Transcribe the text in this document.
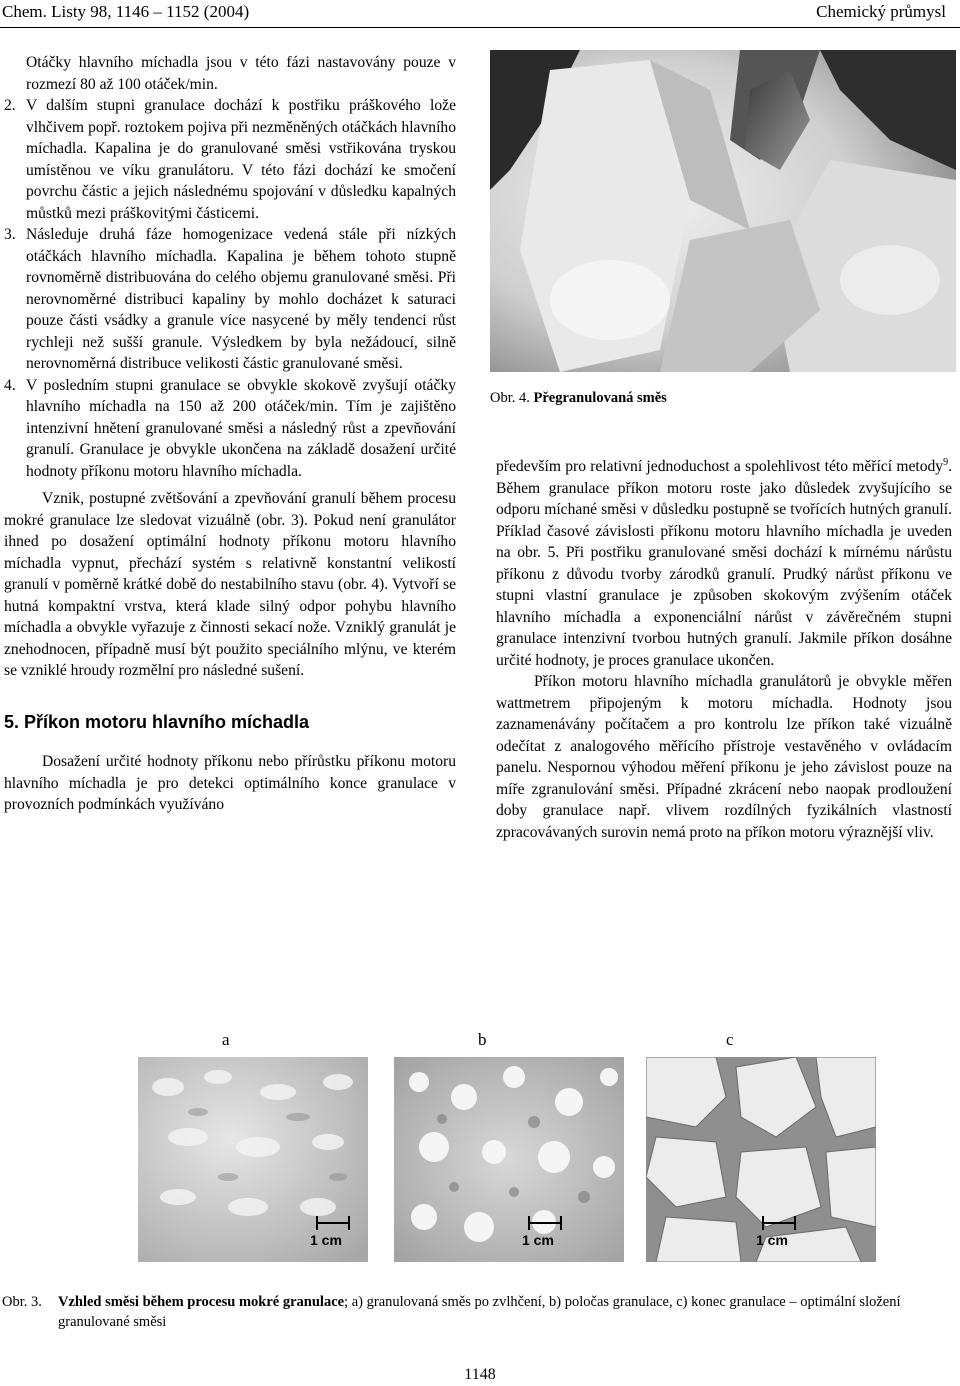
Chem. Listy 98, 1146 – 1152 (2004)	Chemický průmysl

Otáčky hlavního míchadla jsou v této fázi nastavovány pouze v rozmezí 80 až 100 otáček/min.

2. V dalším stupni granulace dochází k postřiku práškového lože vlhčivem popř. roztokem pojiva při nezměněných otáčkách hlavního míchadla. Kapalina je do granulované směsi vstřikována tryskou umístěnou ve víku granulátoru. V této fázi dochází ke smočení povrchu částic a jejich následnému spojování v důsledku kapalných můstků mezi práškovitými částicemi.
3. Následuje druhá fáze homogenizace vedená stále při nízkých otáčkách hlavního míchadla. Kapalina je během tohoto stupně rovnoměrně distribuována do celého objemu granulované směsi. Při nerovnoměrné distribuci kapaliny by mohlo docházet k saturaci pouze části vsádky a granule více nasycené by měly tendenci růst rychleji než sušší granule. Výsledkem by byla nežádoucí, silně nerovnoměrná distribuce velikosti částic granulované směsi.
4. V posledním stupni granulace se obvykle skokově zvyšují otáčky hlavního míchadla na 150 až 200 otáček/min. Tím je zajištěno intenzivní hnětení granulované směsi a následný růst a zpevňování granulí. Granulace je obvykle ukončena na základě dosažení určité hodnoty příkonu motoru hlavního míchadla.

Vznik, postupné zvětšování a zpevňování granulí během procesu mokré granulace lze sledovat vizuálně (obr. 3). Pokud není granulátor ihned po dosažení optimální hodnoty příkonu motoru hlavního míchadla vypnut, přechází systém s relativně konstantní velikostí granulí v poměrně krátké době do nestabilního stavu (obr. 4). Vytvoří se hutná kompaktní vrstva, která klade silný odpor pohybu hlavního míchadla a obvykle vyřazuje z činnosti sekací nože. Vzniklý granulát je znehodnocen, případně musí být použito speciálního mlýnu, ve kterém se vzniklé hroudy rozmělní pro následné sušení.

5. Příkon motoru hlavního míchadla

Dosažení určité hodnoty příkonu nebo přírůstku příkonu motoru hlavního míchadla je pro detekci optimálního konce granulace v provozních podmínkách využíváno

Obr. 4. Přegranulovaná směs

především pro relativní jednoduchost a spolehlivost této měřící metody$^9$. Během granulace příkon motoru roste jako důsledek zvyšujícího se odporu míchané směsi v důsledku postupně se tvořících hutných granulí. Příklad časové závislosti příkonu motoru hlavního míchadla je uveden na obr. 5. Při postřiku granulované směsi dochází k mírnému nárůstu příkonu z důvodu tvorby zárodků granulí. Prudký nárůst příkonu ve stupni vlastní granulace je způsoben skokovým zvýšením otáček hlavního míchadla a exponenciální nárůst v závěrečném stupni granulace intenzivní tvorbou hutných granulí. Jakmile příkon dosáhne určité hodnoty, je proces granulace ukončen.

Příkon motoru hlavního míchadla granulátorů je obvykle měřen wattmetrem připojeným k motoru míchadla. Hodnoty jsou zaznamenávány počítačem a pro kontrolu lze příkon také vizuálně odečítat z analogového měřícího přístroje vestavěného v ovládacím panelu. Nespornou výhodou měření příkonu je jeho závislost pouze na míře zgranulování směsi. Případné zkrácení nebo naopak prodloužení doby granulace např. vlivem rozdílných fyzikálních vlastností zpracovávaných surovin nemá proto na příkon motoru výraznější vliv.

a	b	c
1 cm	1 cm	1 cm
Obr. 3.	Vzhled směsi během procesu mokré granulace; a) granulovaná směs po zvlhčení, b) poločas granulace, c) konec granulace – optimální složení granulované směsi
1148
